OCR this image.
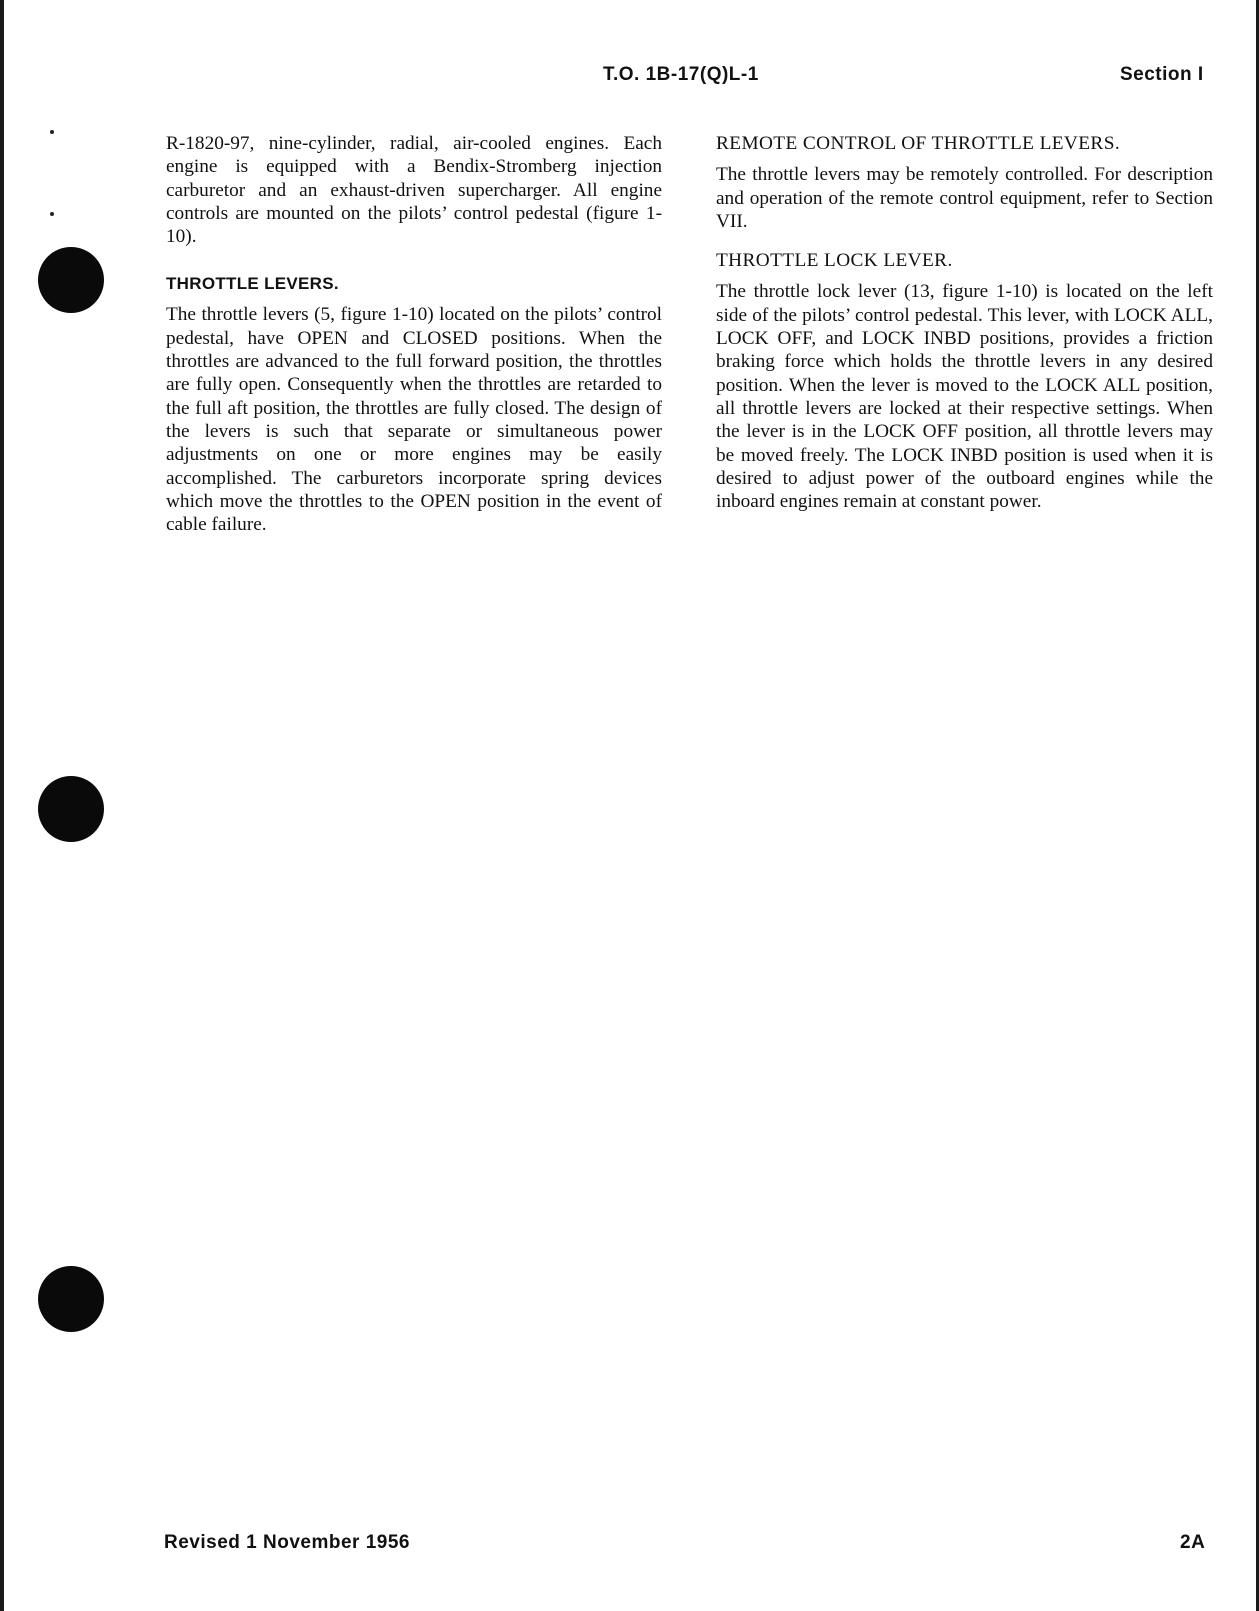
T.O. 1B-17(Q)L-1	Section I

R-1820-97, nine-cylinder, radial, air-cooled engines. Each engine is equipped with a Bendix-Stromberg injection carburetor and an exhaust-driven supercharger. All engine controls are mounted on the pilots’ control pedestal (figure 1-10).

THROTTLE LEVERS.

The throttle levers (5, figure 1-10) located on the pilots’ control pedestal, have OPEN and CLOSED positions. When the throttles are advanced to the full forward position, the throttles are fully open. Consequently when the throttles are retarded to the full aft position, the throttles are fully closed. The design of the levers is such that separate or simultaneous power adjustments on one or more engines may be easily accomplished. The carburetors incorporate spring devices which move the throttles to the OPEN position in the event of cable failure.

REMOTE CONTROL OF THROTTLE LEVERS.

The throttle levers may be remotely controlled. For description and operation of the remote control equipment, refer to Section VII.

THROTTLE LOCK LEVER.

The throttle lock lever (13, figure 1-10) is located on the left side of the pilots’ control pedestal. This lever, with LOCK ALL, LOCK OFF, and LOCK INBD positions, provides a friction braking force which holds the throttle levers in any desired position. When the lever is moved to the LOCK ALL position, all throttle levers are locked at their respective settings. When the lever is in the LOCK OFF position, all throttle levers may be moved freely. The LOCK INBD position is used when it is desired to adjust power of the outboard engines while the inboard engines remain at constant power.

Revised 1 November 1956	2A
